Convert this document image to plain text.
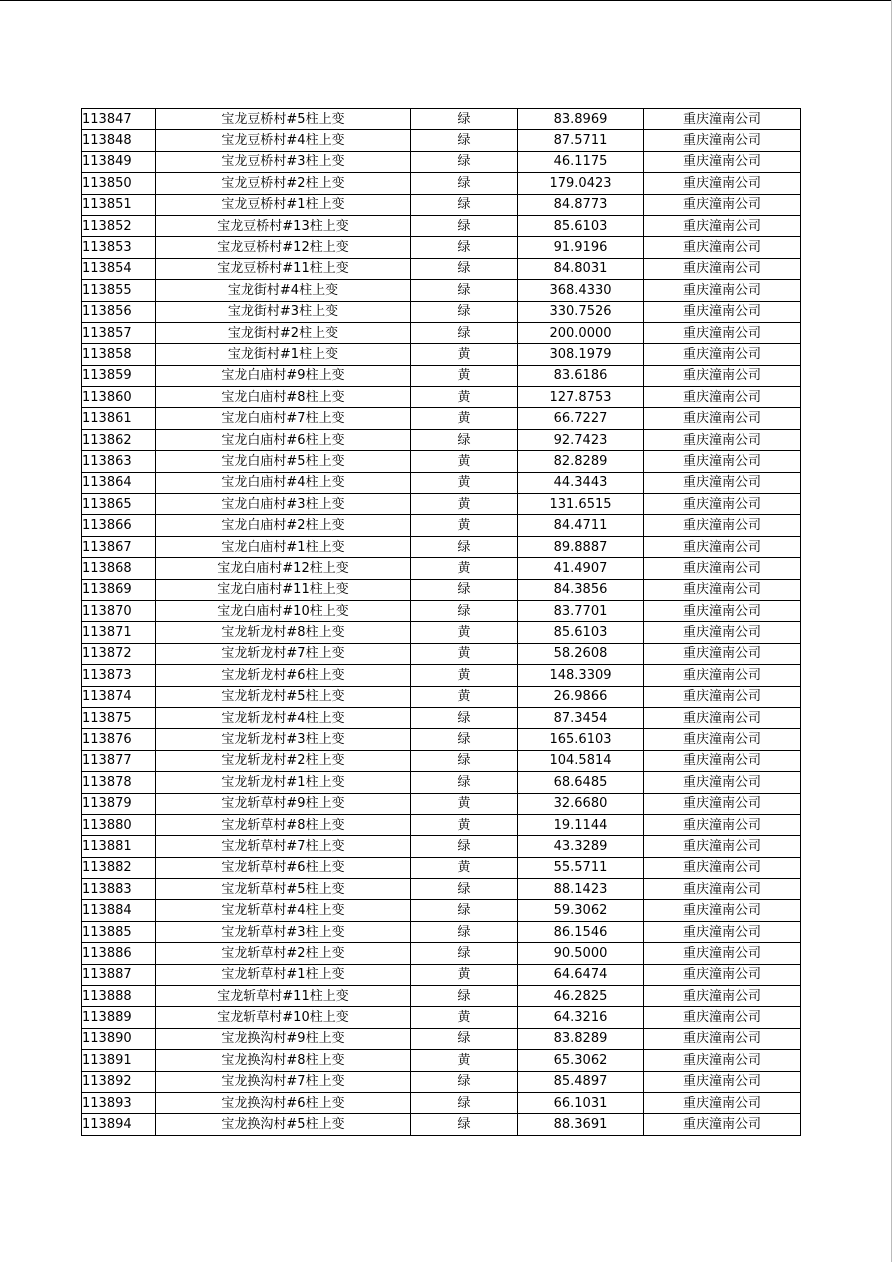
113847	宝龙豆桥村#5柱上变	绿	83.8969	重庆潼南公司
113848	宝龙豆桥村#4柱上变	绿	87.5711	重庆潼南公司
113849	宝龙豆桥村#3柱上变	绿	46.1175	重庆潼南公司
113850	宝龙豆桥村#2柱上变	绿	179.0423	重庆潼南公司
113851	宝龙豆桥村#1柱上变	绿	84.8773	重庆潼南公司
113852	宝龙豆桥村#13柱上变	绿	85.6103	重庆潼南公司
113853	宝龙豆桥村#12柱上变	绿	91.9196	重庆潼南公司
113854	宝龙豆桥村#11柱上变	绿	84.8031	重庆潼南公司
113855	宝龙街村#4柱上变	绿	368.4330	重庆潼南公司
113856	宝龙街村#3柱上变	绿	330.7526	重庆潼南公司
113857	宝龙街村#2柱上变	绿	200.0000	重庆潼南公司
113858	宝龙街村#1柱上变	黄	308.1979	重庆潼南公司
113859	宝龙白庙村#9柱上变	黄	83.6186	重庆潼南公司
113860	宝龙白庙村#8柱上变	黄	127.8753	重庆潼南公司
113861	宝龙白庙村#7柱上变	黄	66.7227	重庆潼南公司
113862	宝龙白庙村#6柱上变	绿	92.7423	重庆潼南公司
113863	宝龙白庙村#5柱上变	黄	82.8289	重庆潼南公司
113864	宝龙白庙村#4柱上变	黄	44.3443	重庆潼南公司
113865	宝龙白庙村#3柱上变	黄	131.6515	重庆潼南公司
113866	宝龙白庙村#2柱上变	黄	84.4711	重庆潼南公司
113867	宝龙白庙村#1柱上变	绿	89.8887	重庆潼南公司
113868	宝龙白庙村#12柱上变	黄	41.4907	重庆潼南公司
113869	宝龙白庙村#11柱上变	绿	84.3856	重庆潼南公司
113870	宝龙白庙村#10柱上变	绿	83.7701	重庆潼南公司
113871	宝龙斩龙村#8柱上变	黄	85.6103	重庆潼南公司
113872	宝龙斩龙村#7柱上变	黄	58.2608	重庆潼南公司
113873	宝龙斩龙村#6柱上变	黄	148.3309	重庆潼南公司
113874	宝龙斩龙村#5柱上变	黄	26.9866	重庆潼南公司
113875	宝龙斩龙村#4柱上变	绿	87.3454	重庆潼南公司
113876	宝龙斩龙村#3柱上变	绿	165.6103	重庆潼南公司
113877	宝龙斩龙村#2柱上变	绿	104.5814	重庆潼南公司
113878	宝龙斩龙村#1柱上变	绿	68.6485	重庆潼南公司
113879	宝龙斩草村#9柱上变	黄	32.6680	重庆潼南公司
113880	宝龙斩草村#8柱上变	黄	19.1144	重庆潼南公司
113881	宝龙斩草村#7柱上变	绿	43.3289	重庆潼南公司
113882	宝龙斩草村#6柱上变	黄	55.5711	重庆潼南公司
113883	宝龙斩草村#5柱上变	绿	88.1423	重庆潼南公司
113884	宝龙斩草村#4柱上变	绿	59.3062	重庆潼南公司
113885	宝龙斩草村#3柱上变	绿	86.1546	重庆潼南公司
113886	宝龙斩草村#2柱上变	绿	90.5000	重庆潼南公司
113887	宝龙斩草村#1柱上变	黄	64.6474	重庆潼南公司
113888	宝龙斩草村#11柱上变	绿	46.2825	重庆潼南公司
113889	宝龙斩草村#10柱上变	黄	64.3216	重庆潼南公司
113890	宝龙换沟村#9柱上变	绿	83.8289	重庆潼南公司
113891	宝龙换沟村#8柱上变	黄	65.3062	重庆潼南公司
113892	宝龙换沟村#7柱上变	绿	85.4897	重庆潼南公司
113893	宝龙换沟村#6柱上变	绿	66.1031	重庆潼南公司
113894	宝龙换沟村#5柱上变	绿	88.3691	重庆潼南公司
